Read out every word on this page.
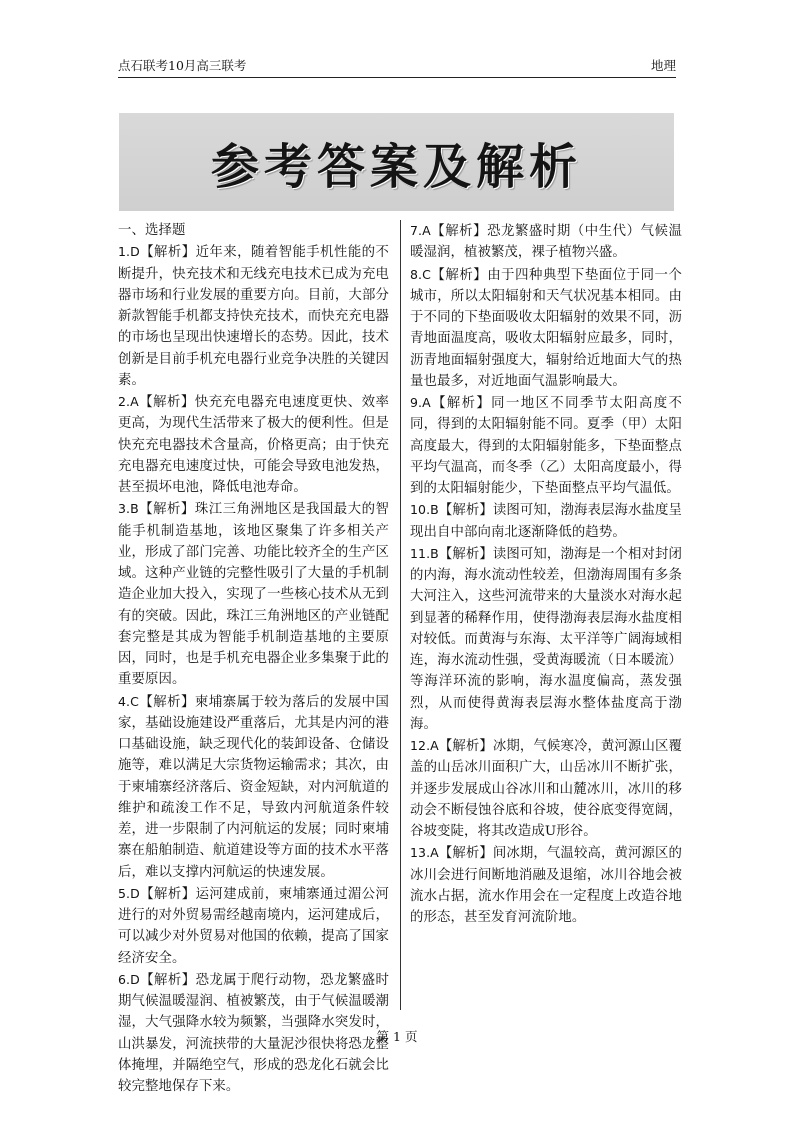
点石联考10月高三联考	地理
参考答案及解析

一、选择题

1.D【解析】近年来，随着智能手机性能的不断提升，快充技术和无线充电技术已成为充电器市场和行业发展的重要方向。目前，大部分新款智能手机都支持快充技术，而快充充电器的市场也呈现出快速增长的态势。因此，技术创新是目前手机充电器行业竞争决胜的关键因素。

2.A【解析】快充充电器充电速度更快、效率更高，为现代生活带来了极大的便利性。但是快充充电器技术含量高，价格更高；由于快充充电器充电速度过快，可能会导致电池发热，甚至损坏电池，降低电池寿命。

3.B【解析】珠江三角洲地区是我国最大的智能手机制造基地，该地区聚集了许多相关产业，形成了部门完善、功能比较齐全的生产区域。这种产业链的完整性吸引了大量的手机制造企业加大投入，实现了一些核心技术从无到有的突破。因此，珠江三角洲地区的产业链配套完整是其成为智能手机制造基地的主要原因，同时，也是手机充电器企业多集聚于此的重要原因。

4.C【解析】柬埔寨属于较为落后的发展中国家，基础设施建设严重落后，尤其是内河的港口基础设施，缺乏现代化的装卸设备、仓储设施等，难以满足大宗货物运输需求；其次，由于柬埔寨经济落后、资金短缺，对内河航道的维护和疏浚工作不足，导致内河航道条件较差，进一步限制了内河航运的发展；同时柬埔寨在船舶制造、航道建设等方面的技术水平落后，难以支撑内河航运的快速发展。

5.D【解析】运河建成前，柬埔寨通过湄公河进行的对外贸易需经越南境内，运河建成后，可以减少对外贸易对他国的依赖，提高了国家经济安全。

6.D【解析】恐龙属于爬行动物，恐龙繁盛时期气候温暖湿润、植被繁茂，由于气候温暖潮湿，大气强降水较为频繁，当强降水突发时，山洪暴发，河流挟带的大量泥沙很快将恐龙整体掩埋，并隔绝空气，形成的恐龙化石就会比较完整地保存下来。

7.A【解析】恐龙繁盛时期（中生代）气候温暖湿润，植被繁茂，裸子植物兴盛。

8.C【解析】由于四种典型下垫面位于同一个城市，所以太阳辐射和天气状况基本相同。由于不同的下垫面吸收太阳辐射的效果不同，沥青地面温度高，吸收太阳辐射应最多，同时，沥青地面辐射强度大，辐射给近地面大气的热量也最多，对近地面气温影响最大。

9.A【解析】同一地区不同季节太阳高度不同，得到的太阳辐射能不同。夏季（甲）太阳高度最大，得到的太阳辐射能多，下垫面整点平均气温高，而冬季（乙）太阳高度最小，得到的太阳辐射能少，下垫面整点平均气温低。

10.B【解析】读图可知，渤海表层海水盐度呈现出自中部向南北逐渐降低的趋势。

11.B【解析】读图可知，渤海是一个相对封闭的内海，海水流动性较差，但渤海周围有多条大河注入，这些河流带来的大量淡水对海水起到显著的稀释作用，使得渤海表层海水盐度相对较低。而黄海与东海、太平洋等广阔海域相连，海水流动性强，受黄海暖流（日本暖流）等海洋环流的影响，海水温度偏高，蒸发强烈，从而使得黄海表层海水整体盐度高于渤海。

12.A【解析】冰期，气候寒冷，黄河源山区覆盖的山岳冰川面积广大，山岳冰川不断扩张，并逐步发展成山谷冰川和山麓冰川，冰川的移动会不断侵蚀谷底和谷坡，使谷底变得宽阔，谷坡变陡，将其改造成U形谷。

13.A【解析】间冰期，气温较高，黄河源区的冰川会进行间断地消融及退缩，冰川谷地会被流水占据，流水作用会在一定程度上改造谷地的形态，甚至发育河流阶地。

第 1 页
